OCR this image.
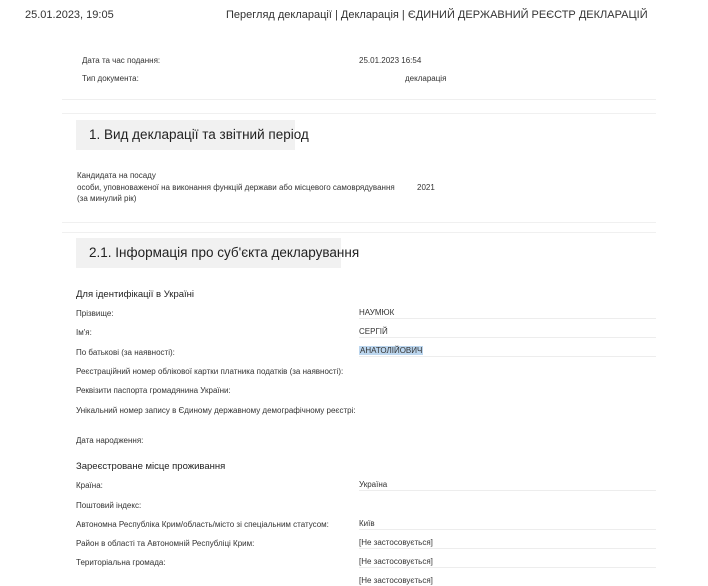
25.01.2023, 19:05	Перегляд декларації | Декларація | ЄДИНИЙ ДЕРЖАВНИЙ РЕЄСТР ДЕКЛАРАЦІЙ
Дата та час подання:	25.01.2023 16:54
Тип документа:	декларація
1. Вид декларації та звітний період
Кандидата на посаду
особи, уповноваженої на виконання функцій держави або місцевого самоврядування (за минулий рік)
2021
2.1. Інформація про суб'єкта декларування
Для ідентифікації в Україні
Прізвище:	НАУМЮК
Ім'я:	СЕРГІЙ
По батькові (за наявності):	АНАТОЛІЙОВИЧ
Реєстраційний номер облікової картки платника податків (за наявності):
Реквізити паспорта громадянина України:
Унікальний номер запису в Єдиному державному демографічному реєстрі:
Дата народження:
Зареєстроване місце проживання
Країна:	Україна
Поштовий індекс:
Автономна Республіка Крим/область/місто зі спеціальним статусом:	Київ
Район в області та Автономній Республіці Крим:	[Не застосовується]
Територіальна громада:	[Не застосовується]
[Не застосовується]
